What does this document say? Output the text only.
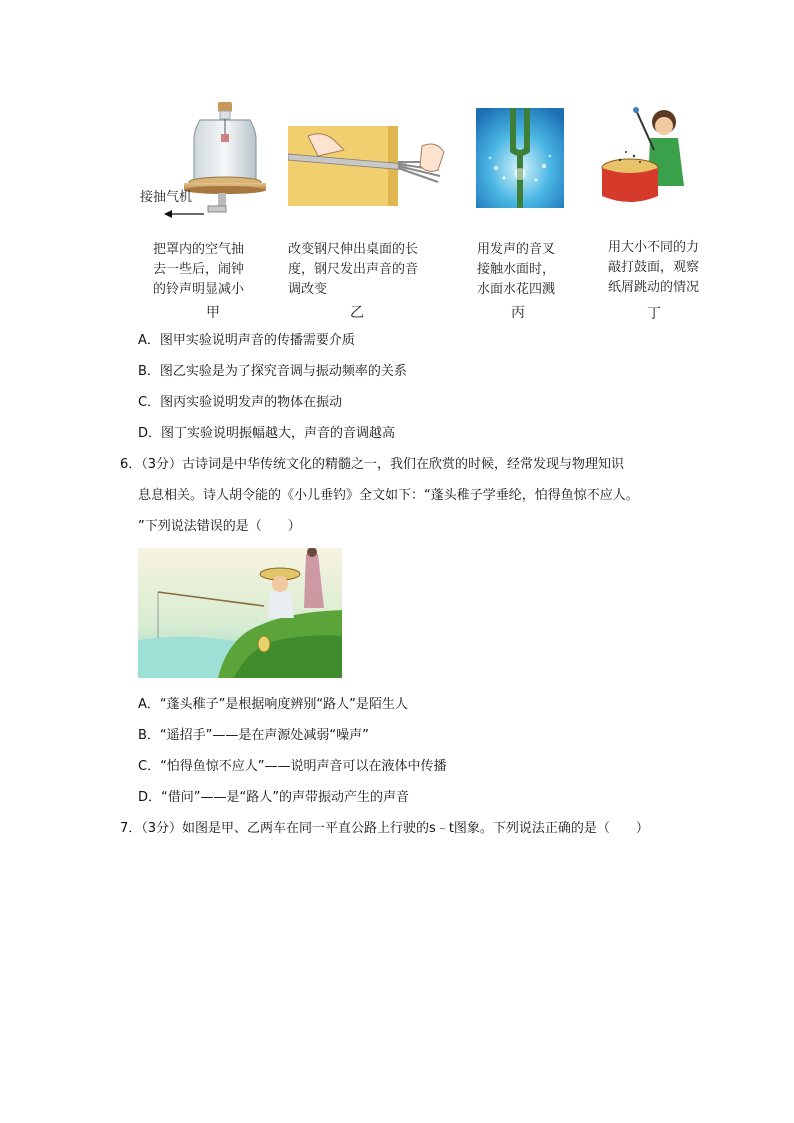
接抽气机
把罩内的空气抽
去一些后，闹钟
的铃声明显减小
改变钢尺伸出桌面的长
度，钢尺发出声音的音
调改变
用发声的音叉
接触水面时，
水面水花四溅
用大小不同的力
敲打鼓面，观察
纸屑跳动的情况
甲	乙	丙	丁
A．图甲实验说明声音的传播需要介质
B．图乙实验是为了探究音调与振动频率的关系
C．图丙实验说明发声的物体在振动
D．图丁实验说明振幅越大，声音的音调越高
6．（3分）古诗词是中华传统文化的精髓之一，我们在欣赏的时候，经常发现与物理知识
息息相关。诗人胡令能的《小儿垂钓》全文如下：“蓬头稚子学垂纶，怕得鱼惊不应人。
”下列说法错误的是（　　）
A．“蓬头稚子”是根据响度辨别“路人”是陌生人
B．“遥招手”——是在声源处减弱“噪声”
C．“怕得鱼惊不应人”——说明声音可以在液体中传播
D．“借问”——是“路人”的声带振动产生的声音
7．（3分）如图是甲、乙两车在同一平直公路上行驶的s﹣t图象。下列说法正确的是（　　）
